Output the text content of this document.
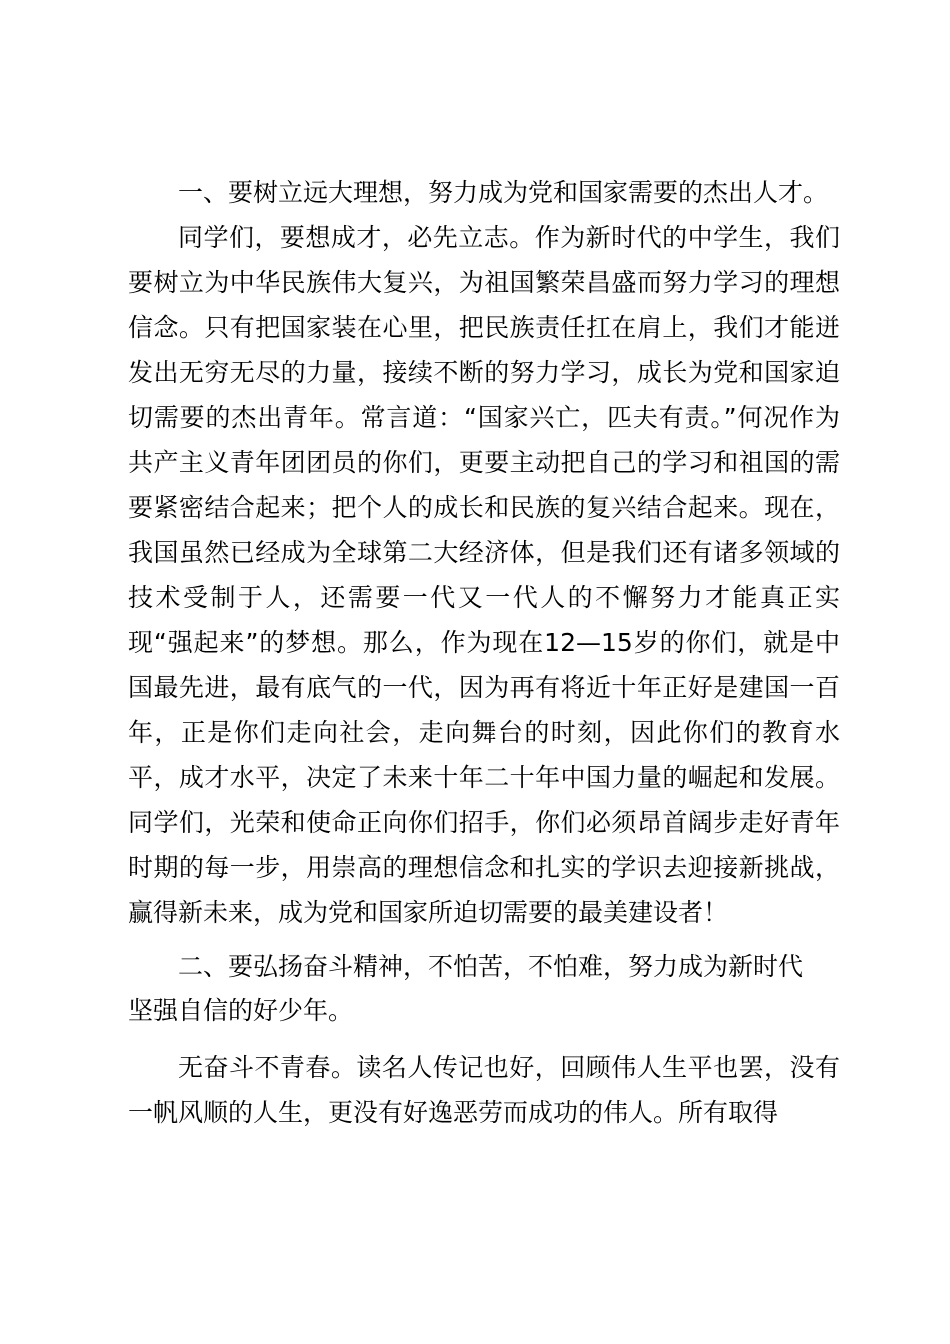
一、要树立远大理想，努力成为党和国家需要的杰出人才。

同学们，要想成才，必先立志。作为新时代的中学生，我们要树立为中华民族伟大复兴，为祖国繁荣昌盛而努力学习的理想信念。只有把国家装在心里，把民族责任扛在肩上，我们才能迸发出无穷无尽的力量，接续不断的努力学习，成长为党和国家迫切需要的杰出青年。常言道：“国家兴亡，匹夫有责。”何况作为共产主义青年团团员的你们，更要主动把自己的学习和祖国的需要紧密结合起来；把个人的成长和民族的复兴结合起来。现在，我国虽然已经成为全球第二大经济体，但是我们还有诸多领域的技术受制于人，还需要一代又一代人的不懈努力才能真正实现“强起来”的梦想。那么，作为现在12—15岁的你们，就是中国最先进，最有底气的一代，因为再有将近十年正好是建国一百年，正是你们走向社会，走向舞台的时刻，因此你们的教育水平，成才水平，决定了未来十年二十年中国力量的崛起和发展。同学们，光荣和使命正向你们招手，你们必须昂首阔步走好青年时期的每一步，用崇高的理想信念和扎实的学识去迎接新挑战，赢得新未来，成为党和国家所迫切需要的最美建设者！

二、要弘扬奋斗精神，不怕苦，不怕难，努力成为新时代坚强自信的好少年。

无奋斗不青春。读名人传记也好，回顾伟人生平也罢，没有一帆风顺的人生，更没有好逸恶劳而成功的伟人。所有取得
